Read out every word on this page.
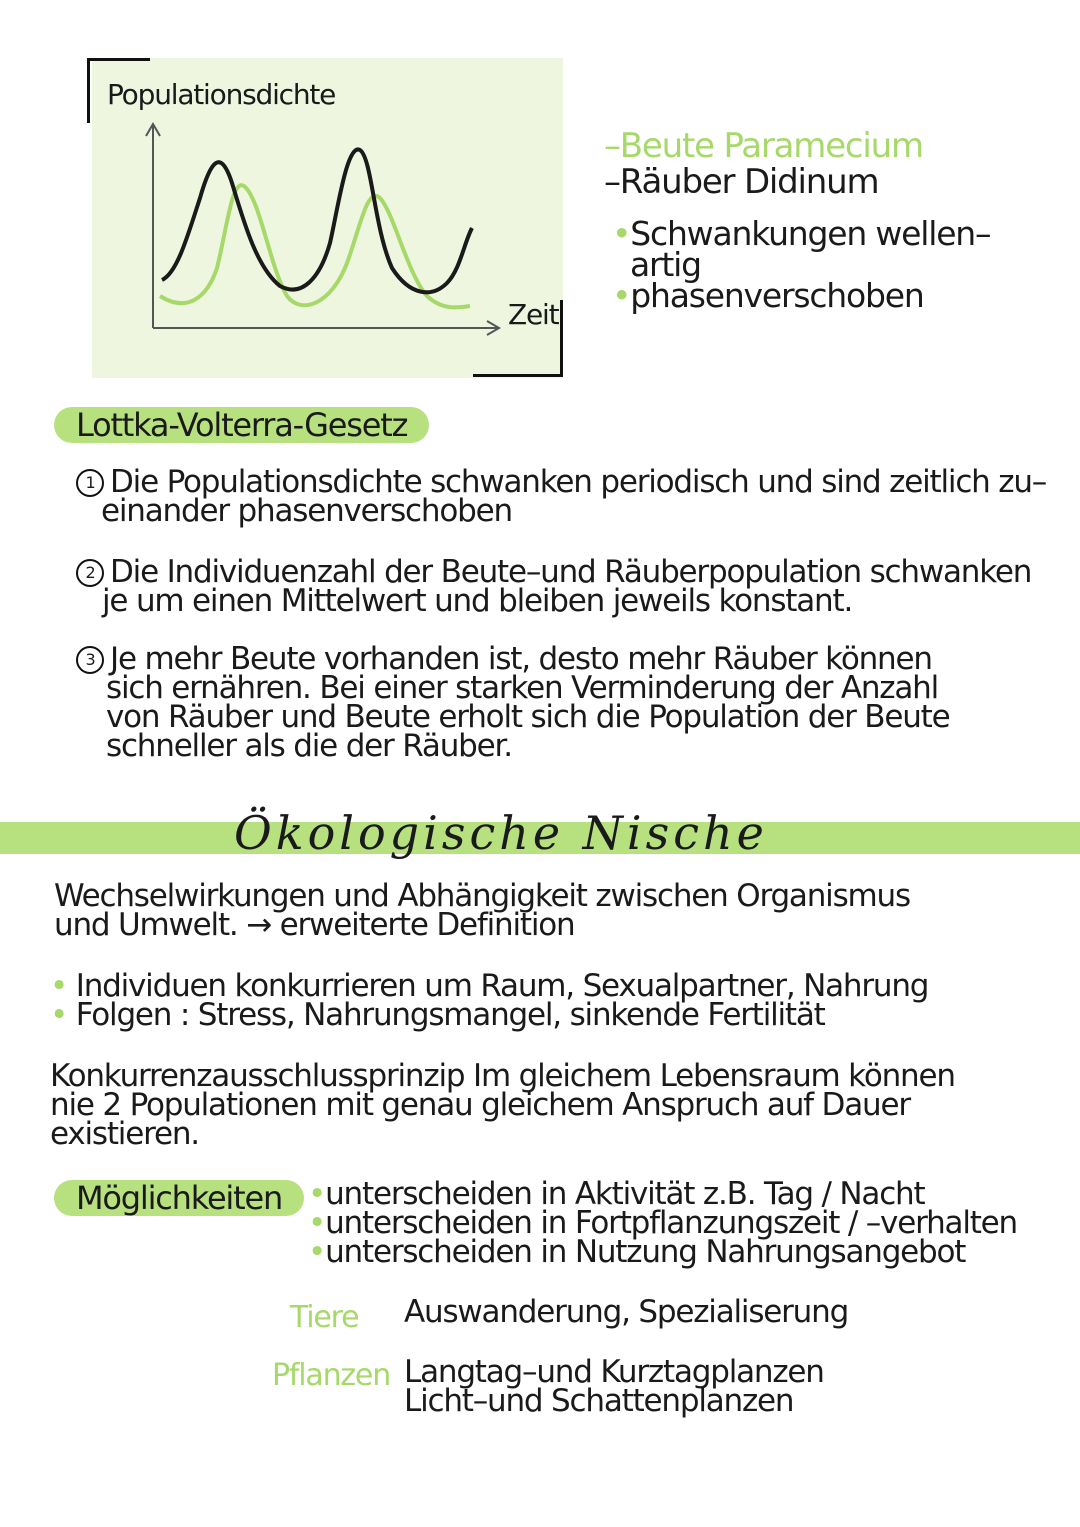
Populationsdichte
Zeit
–Beute Paramecium
–Räuber Didinum
•Schwankungen wellen–
artig
•phasenverschoben
Lottka-Volterra-Gesetz
1 Die Populationsdichte schwanken periodisch und sind zeitlich zu–
einander phasenverschoben
2 Die Individuenzahl der Beute–und Räuberpopulation schwanken
je um einen Mittelwert und bleiben jeweils konstant.
3 Je mehr Beute vorhanden ist, desto mehr Räuber können
sich ernähren. Bei einer starken Verminderung der Anzahl
von Räuber und Beute erholt sich die Population der Beute
schneller als die der Räuber.
Ökologische Nische
Wechselwirkungen und Abhängigkeit zwischen Organismus
und Umwelt. → erweiterte Definition
• Individuen konkurrieren um Raum, Sexualpartner, Nahrung
• Folgen : Stress, Nahrungsmangel, sinkende Fertilität
Konkurrenzausschlussprinzip Im gleichem Lebensraum können
nie 2 Populationen mit genau gleichem Anspruch auf Dauer
existieren.
Möglichkeiten •unterscheiden in Aktivität z.B. Tag / Nacht
•unterscheiden in Fortpflanzungszeit / –verhalten
•unterscheiden in Nutzung Nahrungsangebot
Tiere Auswanderung, Spezialiserung
Pflanzen Langtag–und Kurztagplanzen
Licht–und Schattenplanzen
